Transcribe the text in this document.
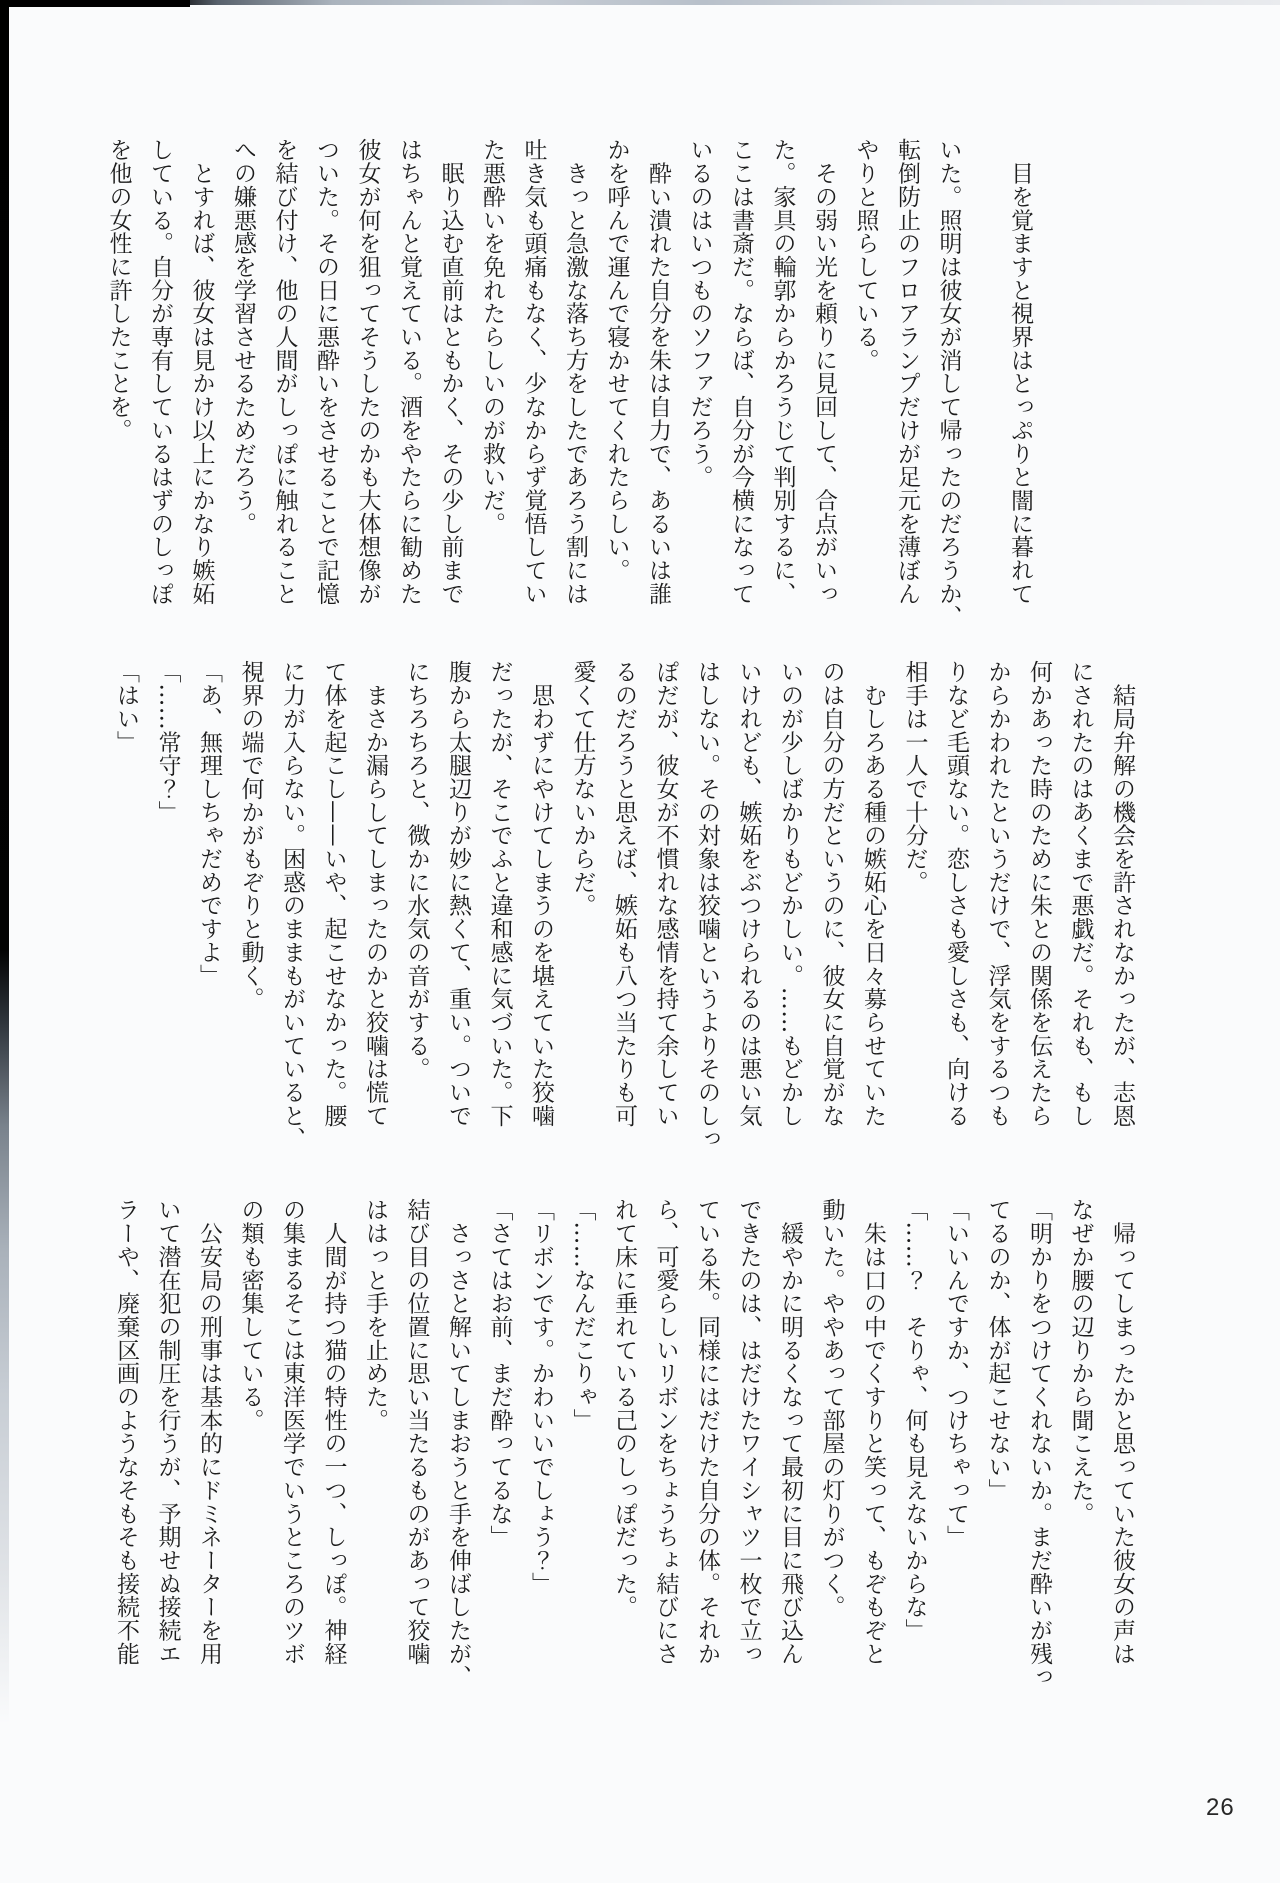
　目を覚ますと視界はとっぷりと闇に暮れて

いた。照明は彼女が消して帰ったのだろうか、

転倒防止のフロアランプだけが足元を薄ぼん

やりと照らしている。

　その弱い光を頼りに見回して、合点がいっ

た。家具の輪郭からかろうじて判別するに、

ここは書斎だ。ならば、自分が今横になって

いるのはいつものソファだろう。

　酔い潰れた自分を朱は自力で、あるいは誰

かを呼んで運んで寝かせてくれたらしい。

　きっと急激な落ち方をしたであろう割には

吐き気も頭痛もなく、少なからず覚悟してい

た悪酔いを免れたらしいのが救いだ。

　眠り込む直前はともかく、その少し前まで

はちゃんと覚えている。酒をやたらに勧めた

彼女が何を狙ってそうしたのかも大体想像が

ついた。その日に悪酔いをさせることで記憶

を結び付け、他の人間がしっぽに触れること

への嫌悪感を学習させるためだろう。

　とすれば、彼女は見かけ以上にかなり嫉妬

している。自分が専有しているはずのしっぽ

を他の女性に許したことを。

　結局弁解の機会を許されなかったが、志恩

にされたのはあくまで悪戯だ。それも、もし

何かあった時のために朱との関係を伝えたら

からかわれたというだけで、浮気をするつも

りなど毛頭ない。恋しさも愛しさも、向ける

相手は一人で十分だ。

　むしろある種の嫉妬心を日々募らせていた

のは自分の方だというのに、彼女に自覚がな

いのが少しばかりもどかしい。……もどかし

いけれども、嫉妬をぶつけられるのは悪い気

はしない。その対象は狡噛というよりそのしっ

ぽだが、彼女が不慣れな感情を持て余してい

るのだろうと思えば、嫉妬も八つ当たりも可

愛くて仕方ないからだ。

　思わずにやけてしまうのを堪えていた狡噛

だったが、そこでふと違和感に気づいた。下

腹から太腿辺りが妙に熱くて、重い。ついで

にちろちろと、微かに水気の音がする。

　まさか漏らしてしまったのかと狡噛は慌て

て体を起こし——いや、起こせなかった。腰

に力が入らない。困惑のままもがいていると、

視界の端で何かがもぞりと動く。

「あ、無理しちゃだめですよ」

「……常守？」

「はい」

　帰ってしまったかと思っていた彼女の声は

なぜか腰の辺りから聞こえた。

「明かりをつけてくれないか。まだ酔いが残っ

てるのか、体が起こせない」

「いいんですか、つけちゃって」

「……？　そりゃ、何も見えないからな」

　朱は口の中でくすりと笑って、もぞもぞと

動いた。ややあって部屋の灯りがつく。

　緩やかに明るくなって最初に目に飛び込ん

できたのは、はだけたワイシャツ一枚で立っ

ている朱。同様にはだけた自分の体。それか

ら、可愛らしいリボンをちょうちょ結びにさ

れて床に垂れている己のしっぽだった。

「……なんだこりゃ」

「リボンです。かわいいでしょう？」

「さてはお前、まだ酔ってるな」

　さっさと解いてしまおうと手を伸ばしたが、

結び目の位置に思い当たるものがあって狡噛

ははっと手を止めた。

　人間が持つ猫の特性の一つ、しっぽ。神経

の集まるそこは東洋医学でいうところのツボ

の類も密集している。

　公安局の刑事は基本的にドミネーターを用

いて潜在犯の制圧を行うが、予期せぬ接続エ

ラーや、廃棄区画のようなそもそも接続不能

26
